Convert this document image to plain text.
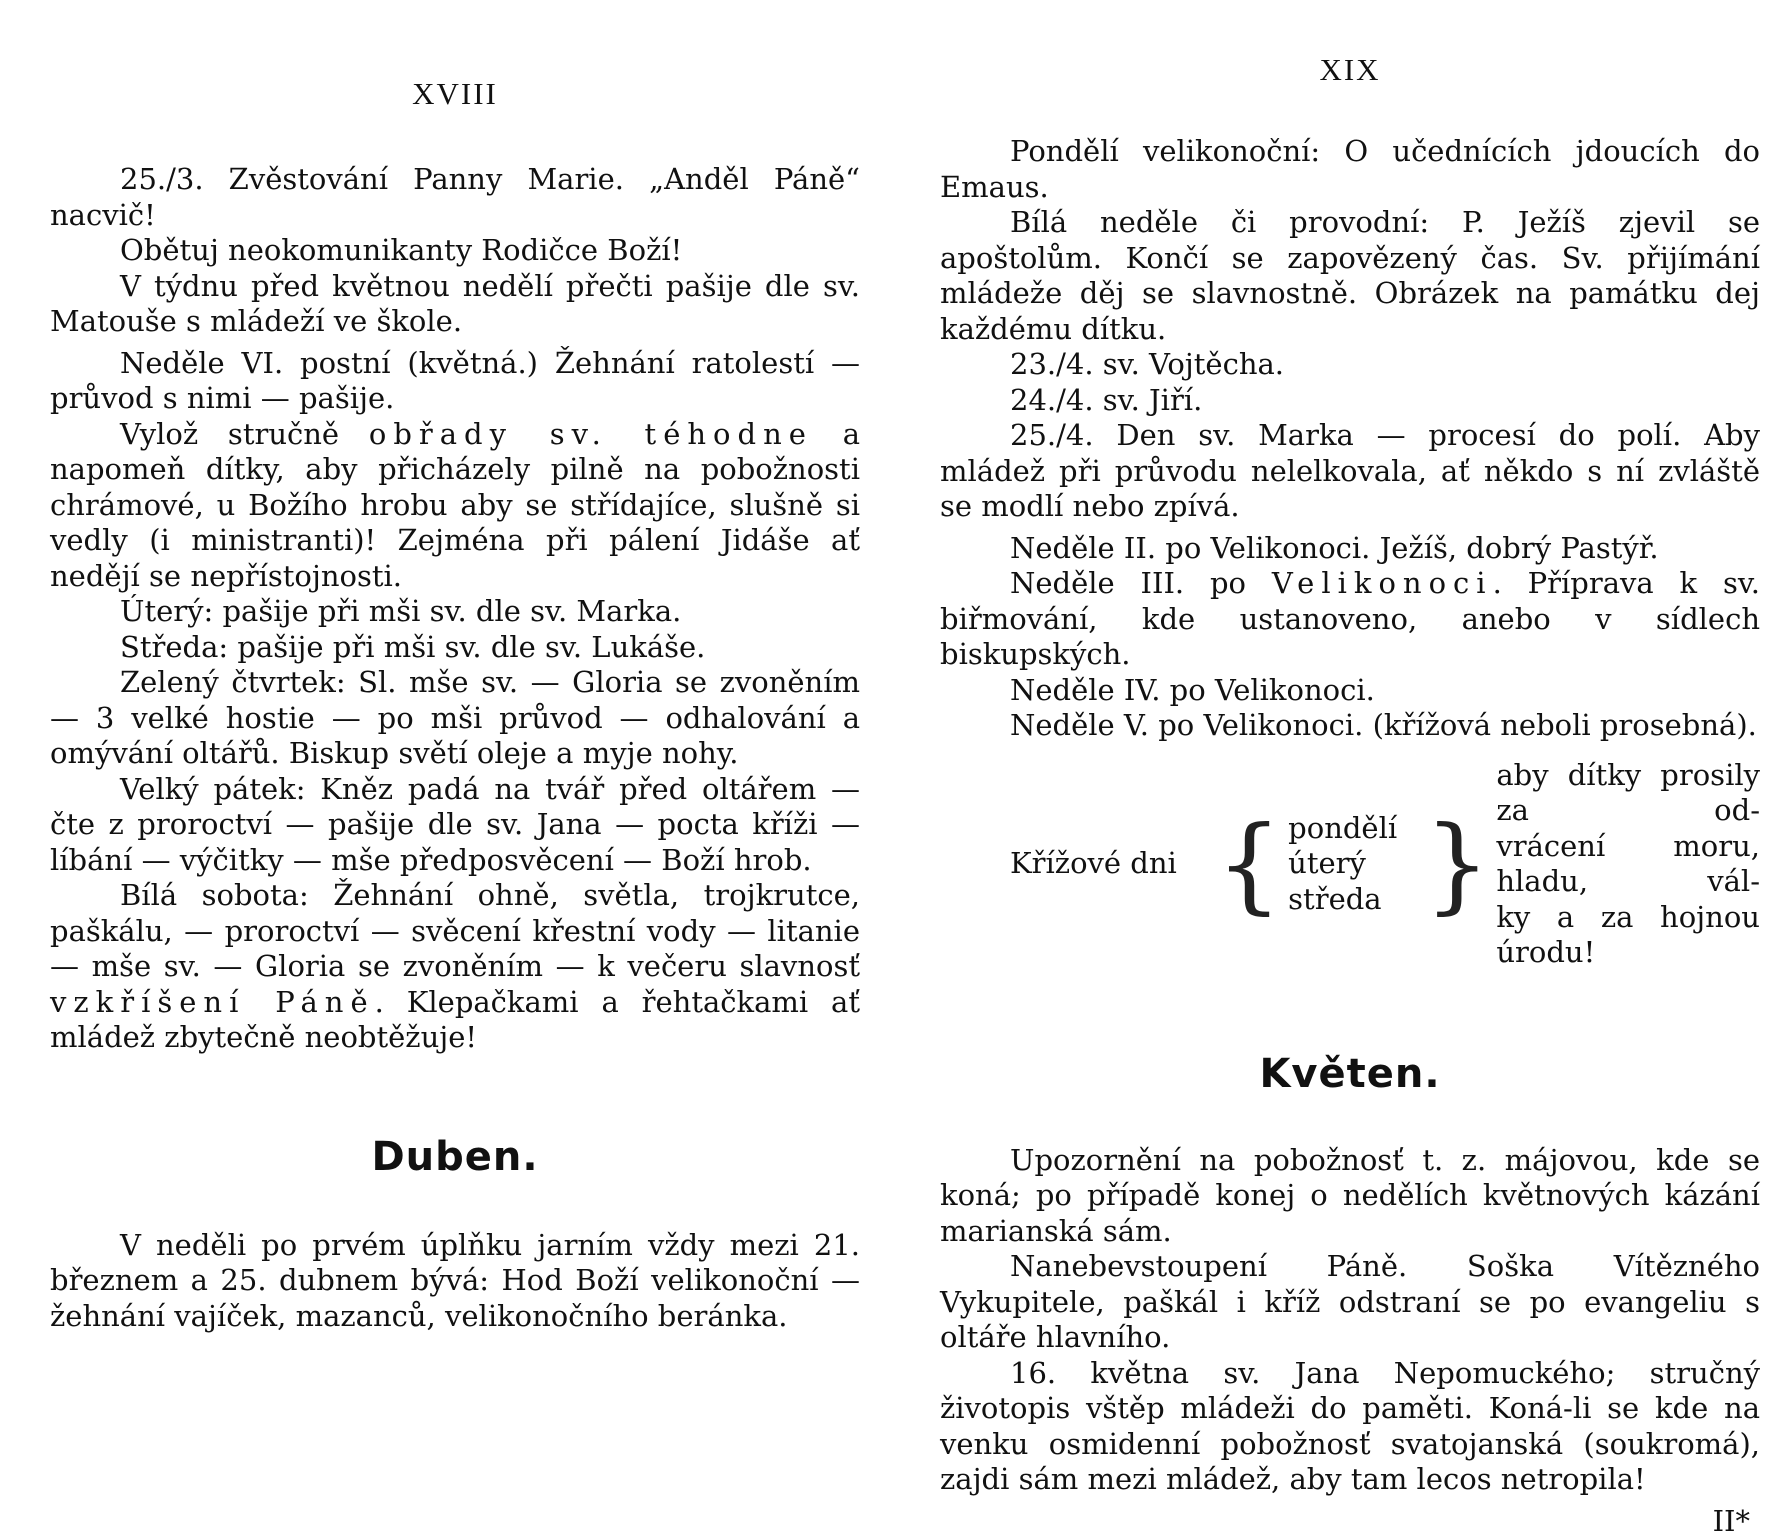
XVIII

25./3. Zvěstování Panny Marie. „Anděl Páně“ nacvič!

Obětuj neokomunikanty Rodičce Boží!

V týdnu před květnou nedělí přečti pašije dle sv. Matouše s mládeží ve škole.

Neděle VI. postní (květná.) Žehnání ratolestí — průvod s nimi — pašije.

Vylož stručně obřady sv. téhodne a napomeň dítky, aby přicházely pilně na pobožnosti chrámové, u Božího hrobu aby se střídajíce, slušně si vedly (i ministranti)! Zejména při pálení Jidáše ať nedějí se nepřístojnosti.

Úterý: pašije při mši sv. dle sv. Marka.

Středa: pašije při mši sv. dle sv. Lukáše.

Zelený čtvrtek: Sl. mše sv. — Gloria se zvoněním — 3 velké hostie — po mši průvod — odhalování a omývání oltářů. Biskup světí oleje a myje nohy.

Velký pátek: Kněz padá na tvář před oltářem — čte z proroctví — pašije dle sv. Jana — pocta kříži — líbání — výčitky — mše předposvěcení — Boží hrob.

Bílá sobota: Žehnání ohně, světla, trojkrutce, paškálu, — proroctví — svěcení křestní vody — litanie — mše sv. — Gloria se zvoněním — k večeru slavnosť vzkříšení Páně. Klepačkami a řehtačkami ať mládež zbytečně neobtěžuje!

Duben.

V neděli po prvém úplňku jarním vždy mezi 21. březnem a 25. dubnem bývá: Hod Boží velikonoční — žehnání vajíček, mazanců, velikonočního beránka.

XIX

Pondělí velikonoční: O učednících jdoucích do Emaus.

Bílá neděle či provodní: P. Ježíš zjevil se apoštolům. Končí se zapovězený čas. Sv. přijímání mládeže děj se slavnostně. Obrázek na památku dej každému dítku.

23./4. sv. Vojtěcha.

24./4. sv. Jiří.

25./4. Den sv. Marka — procesí do polí. Aby mládež při průvodu nelelkovala, ať někdo s ní zvláště se modlí nebo zpívá.

Neděle II. po Velikonoci. Ježíš, dobrý Pastýř.

Neděle III. po Velikonoci. Příprava k sv. biřmování, kde ustanoveno, anebo v sídlech biskupských.

Neděle IV. po Velikonoci.

Neděle V. po Velikonoci. (křížová neboli prosebná).

Křížové dni { pondělí
úterý
středa }
aby dítky prosily za od-
vrácení moru, hladu, vál-
ky a za hojnou úrodu!
Květen.

Upozornění na pobožnosť t. z. májovou, kde se koná; po případě konej o nedělích květnových kázání marianská sám.

Nanebevstoupení Páně. Soška Vítězného Vykupitele, paškál i kříž odstraní se po evangeliu s oltáře hlavního.

16. května sv. Jana Nepomuckého; stručný životopis vštěp mládeži do paměti. Koná-li se kde na venku osmidenní pobožnosť svatojanská (soukromá), zajdi sám mezi mládež, aby tam lecos netropila!

II*
